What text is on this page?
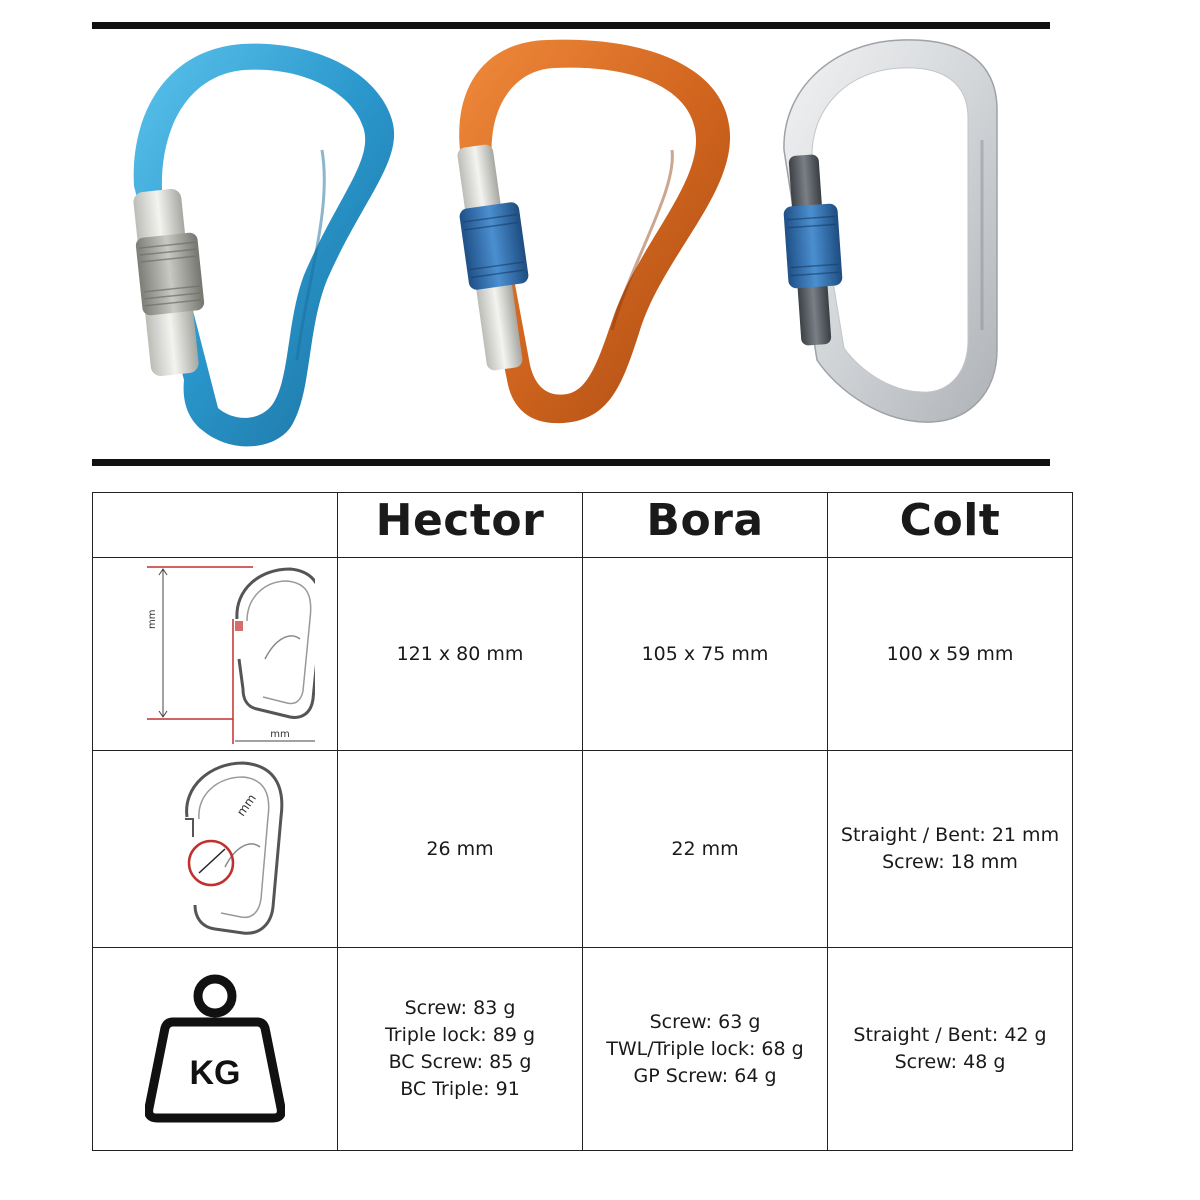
	Hector	Bora	Colt

mm
mm	121 x 80 mm	105 x 75 mm	100 x 59 mm

mm	26 mm	22 mm	Straight / Bent: 21 mm
Screw: 18 mm

KG	Screw: 83 g
Triple lock: 89 g
BC Screw: 85 g
BC Triple: 91	Screw: 63 g
TWL/Triple lock: 68 g
GP Screw: 64 g	Straight / Bent: 42 g
Screw: 48 g
